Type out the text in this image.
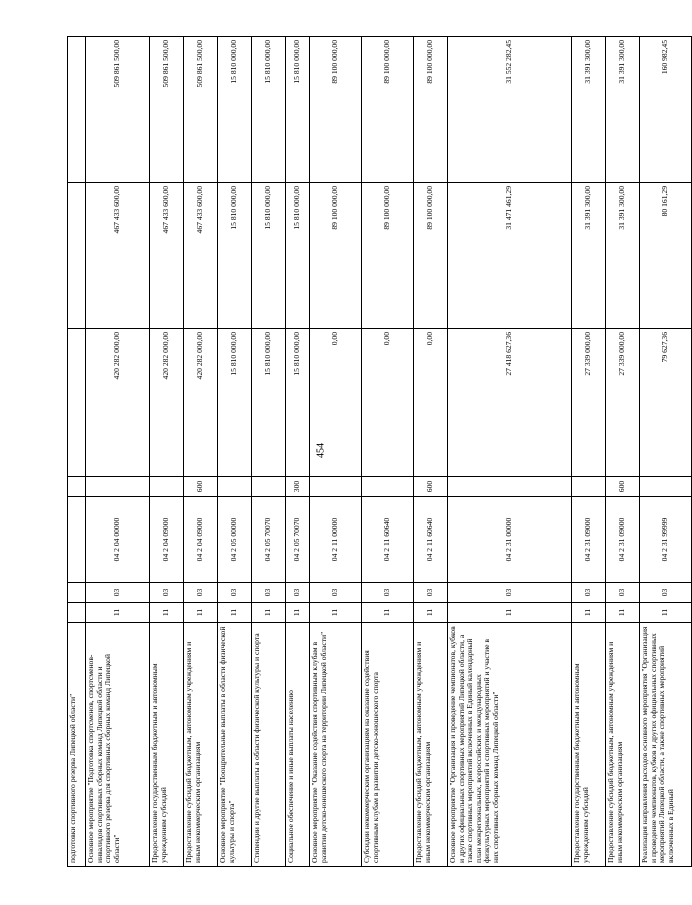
454
подготовки спортивного резерва Липецкой области"							
Основное мероприятие "Подготовка спортсменов, спортсменов-инвалидов спортивных сборных команд Липецкой области и спортивного резерва для спортивных сборных команд Липецкой области"	11	03	04 2 04 00000		420 282 000,00	467 433 600,00	509 861 500,00
Предоставление государственным бюджетным и автономным учреждениям субсидий	11	03	04 2 04 09000		420 282 000,00	467 433 600,00	509 861 500,00
Предоставление субсидий бюджетным, автономным учреждениям и иным некоммерческим организациям	11	03	04 2 04 09000	600	420 282 000,00	467 433 600,00	509 861 500,00
Основное мероприятие "Поощрительные выплаты в области физической культуры и спорта"	11	03	04 2 05 00000		15 810 000,00	15 810 000,00	15 810 000,00
Стипендии и другие выплаты в области физической культуры и спорта	11	03	04 2 05 70070		15 810 000,00	15 810 000,00	15 810 000,00
Социальное обеспечение и иные выплаты населению	11	03	04 2 05 70070	300	15 810 000,00	15 810 000,00	15 810 000,00
Основное мероприятие "Оказание содействия спортивным клубам в развитии детско-юношеского спорта на территории Липецкой области"	11	03	04 2 11 00000		0,00	89 100 000,00	89 100 000,00
Субсидии некоммерческим организациям на оказание содействия спортивным клубам в развитии детско-юношеского спорта	11	03	04 2 11 60640		0,00	89 100 000,00	89 100 000,00
Предоставление субсидий бюджетным, автономным учреждениям и иным некоммерческим организациям	11	03	04 2 11 60640	600	0,00	89 100 000,00	89 100 000,00
Основное мероприятие "Организация и проведение чемпионатов, кубков и других официальных спортивных мероприятий Липецкой области, а также спортивных мероприятий включенных в Единый календарный план межрегиональных, всероссийских и международных физкультурных мероприятий и спортивных мероприятий и участие в них спортивных сборных команд Липецкой области"	11	03	04 2 31 00000		27 418 627,36	31 471 461,29	31 552 282,45
Предоставление государственным бюджетным и автономным учреждениям субсидий	11	03	04 2 31 09000		27 339 000,00	31 391 300,00	31 391 300,00
Предоставление субсидий бюджетным, автономным учреждениям и иным некоммерческим организациям	11	03	04 2 31 09000	600	27 339 000,00	31 391 300,00	31 391 300,00
Реализация направления расходов основного мероприятия "Организация и проведение чемпионатов, кубков и других официальных спортивных мероприятий Липецкой области, а также спортивных мероприятий включенных в Единый	11	03	04 2 31 99999		79 627,36	80 161,29	160 982,45
